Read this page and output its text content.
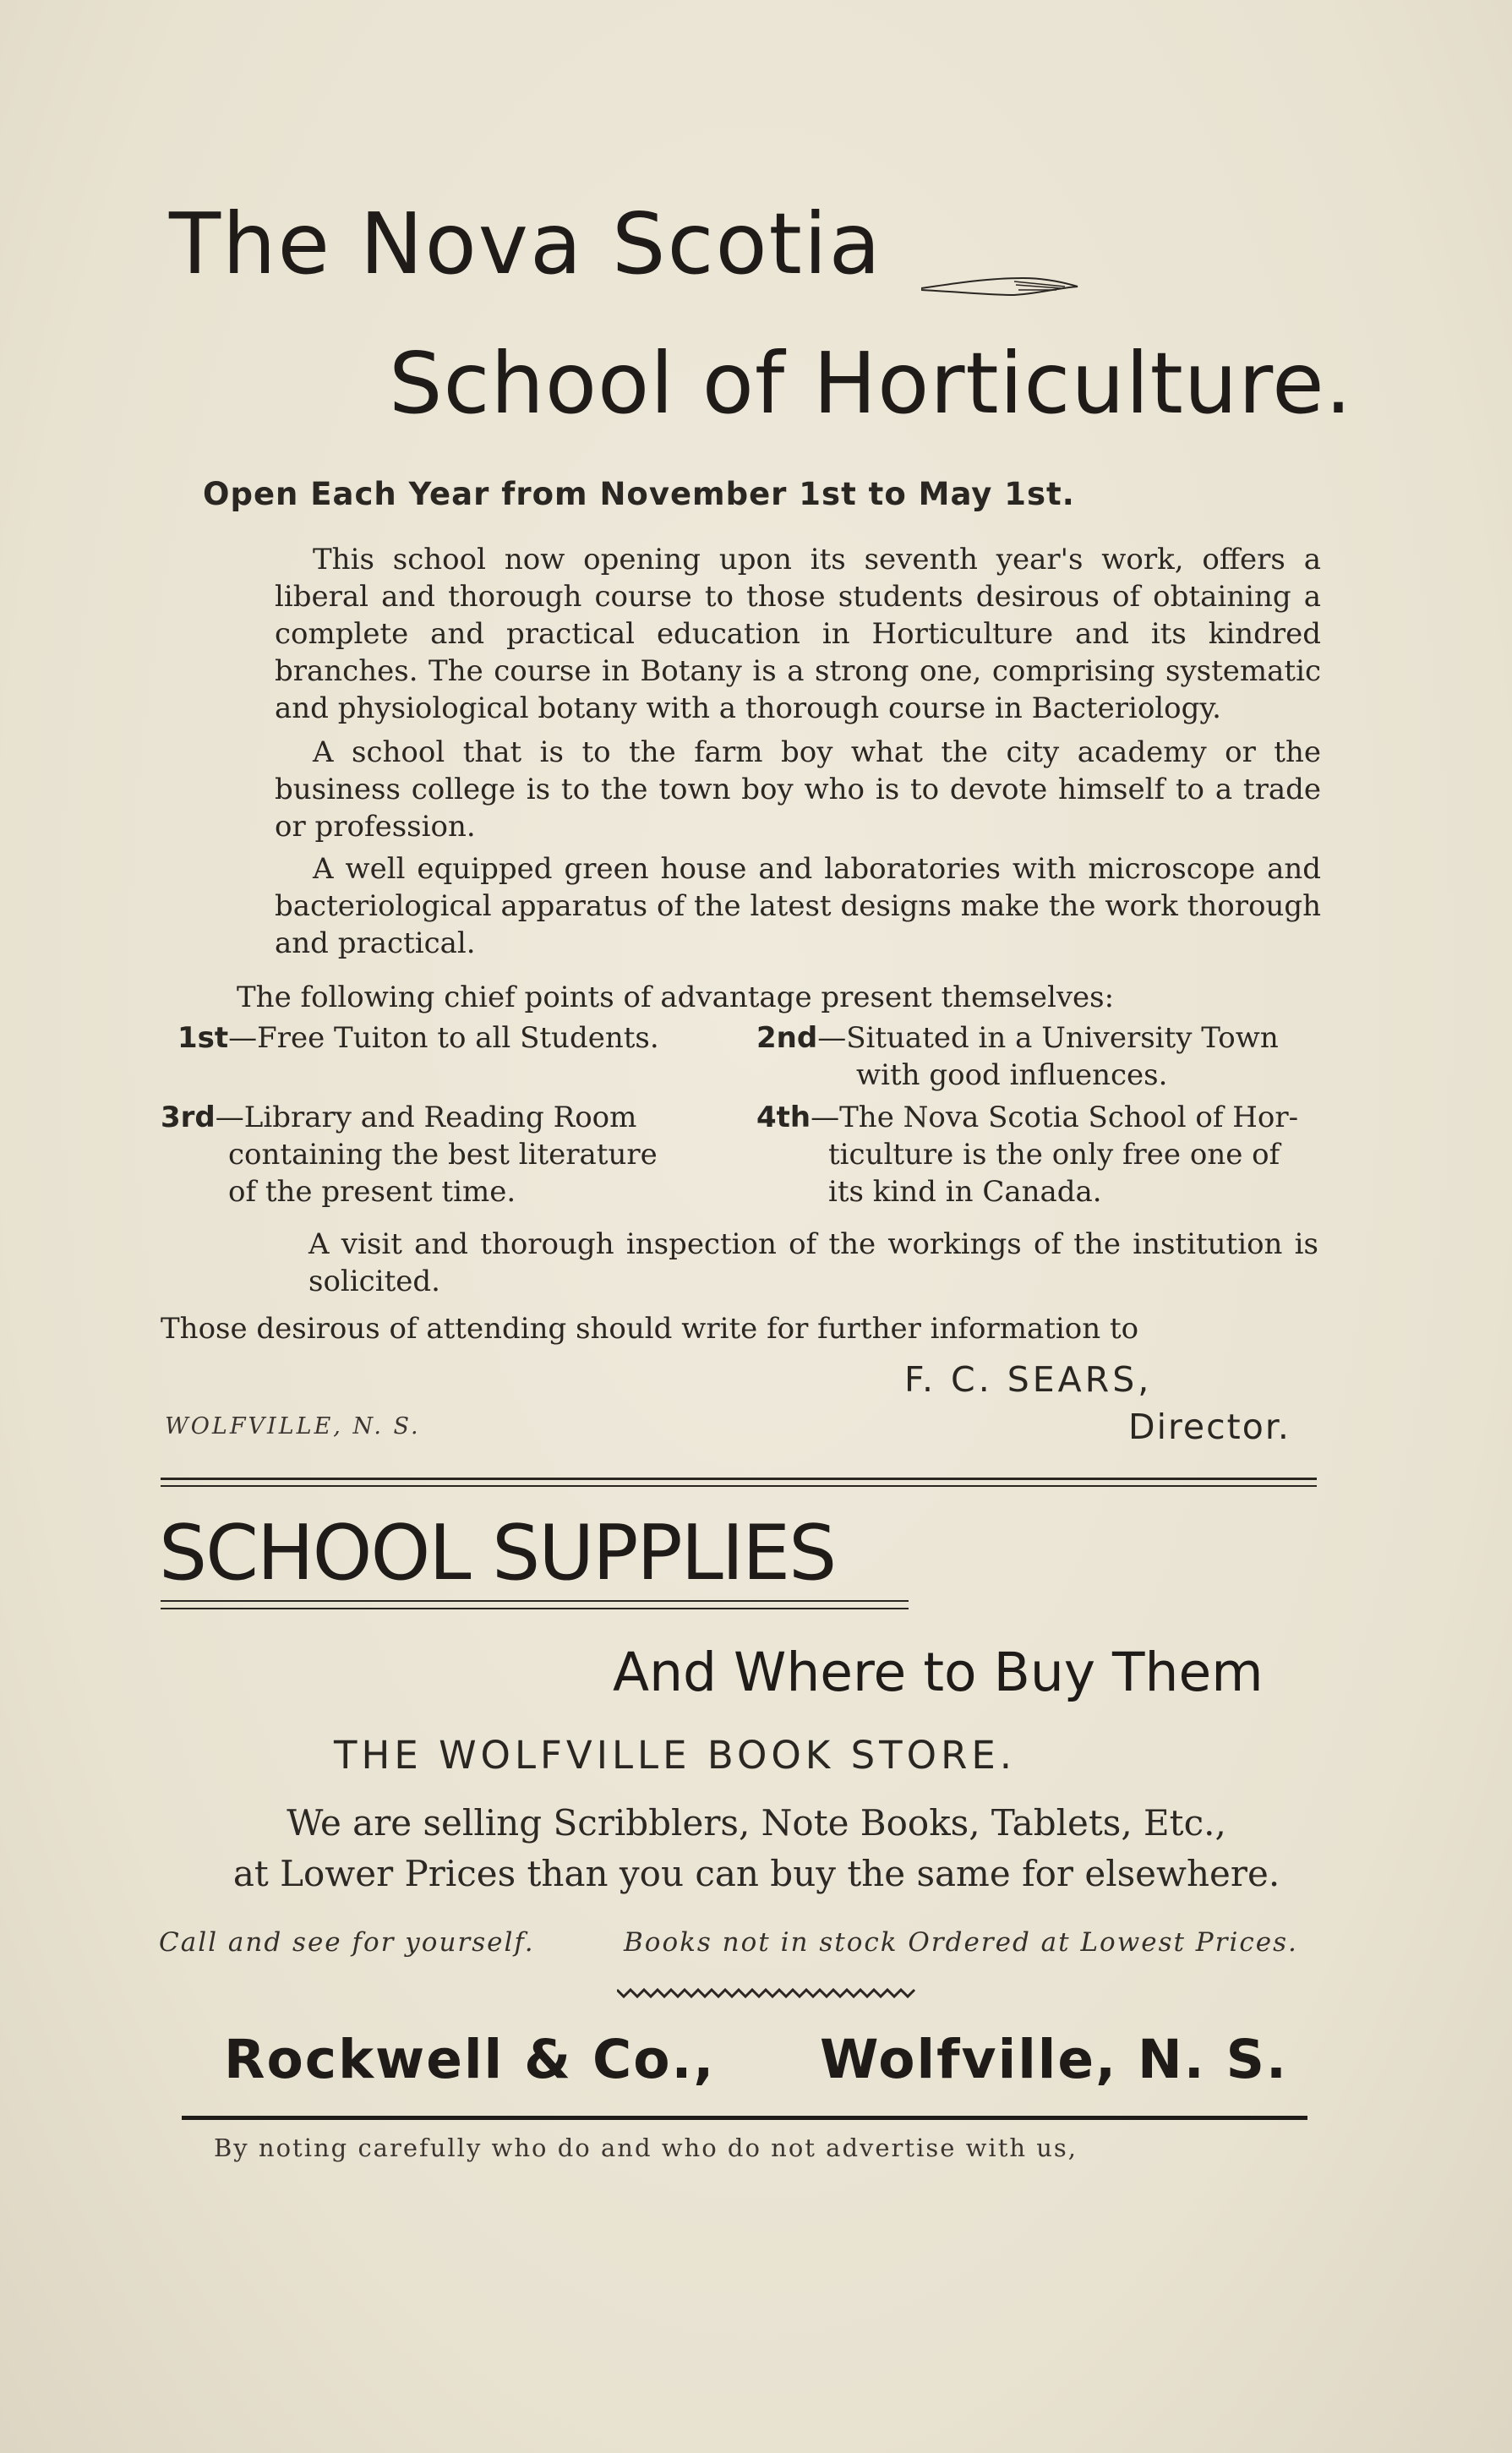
The Nova Scotia
School of Horticulture.
Open Each Year from November 1st to May 1st.

This school now opening upon its seventh year's work, offers a liberal and thorough course to those students desirous of obtaining a complete and practical education in Horticulture and its kindred branches. The course in Botany is a strong one, comprising systematic and physiological botany with a thorough course in Bacteriology.

A school that is to the farm boy what the city academy or the business college is to the town boy who is to devote himself to a trade or profession.

A well equipped green house and laboratories with microscope and bacteriological apparatus of the latest designs make the work thorough and practical.

The following chief points of advantage present themselves:
1st—Free Tuiton to all Students.	2nd—Situated in a University Town
with good influences.
3rd—Library and Reading Room
containing the best literature
of the present time.
4th—The Nova Scotia School of Hor-
ticulture is the only free one of
its kind in Canada.

A visit and thorough inspection of the workings of the institution is solicited.

Those desirous of attending should write for further information to
F. C. SEARS,
Director.
WOLFVILLE, N. S.
SCHOOL SUPPLIES
And Where to Buy Them
THE WOLFVILLE BOOK STORE.
We are selling Scribblers, Note Books, Tablets, Etc.,
at Lower Prices than you can buy the same for elsewhere.
Call and see for yourself.	Books not in stock Ordered at Lowest Prices.
Rockwell & Co., Wolfville, N. S.
By noting carefully who do and who do not advertise with us,
